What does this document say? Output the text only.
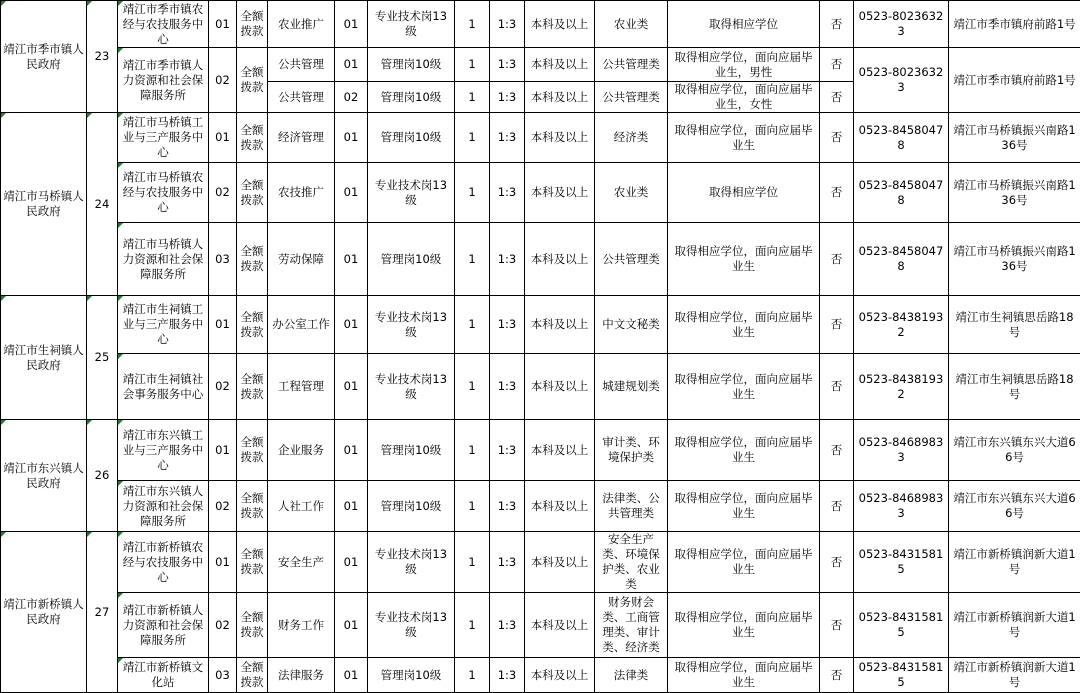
靖江市季市镇人民政府	23	靖江市季市镇农经与农技服务中心	01	全额拨款	农业推广	01	专业技术岗13级	1	1:3	本科及以上	农业类	取得相应学位	否	0523-80236323	靖江市季市镇府前路1号
		靖江市季市镇人力资源和社会保障服务所	02	全额拨款	公共管理	01	管理岗10级	1	1:3	本科及以上	公共管理类	取得相应学位，面向应届毕业生，男性	否	0523-80236323	靖江市季市镇府前路1号
					公共管理	02	管理岗10级	1	1:3	本科及以上	公共管理类	取得相应学位，面向应届毕业生，女性	否		
靖江市马桥镇人民政府	24	靖江市马桥镇工业与三产服务中心	01	全额拨款	经济管理	01	管理岗10级	1	1:3	本科及以上	经济类	取得相应学位，面向应届毕业生	否	0523-84580478	靖江市马桥镇振兴南路136号
		靖江市马桥镇农经与农技服务中心	02	全额拨款	农技推广	01	专业技术岗13级	1	1:3	本科及以上	农业类	取得相应学位	否	0523-84580478	靖江市马桥镇振兴南路136号
		靖江市马桥镇人力资源和社会保障服务所	03	全额拨款	劳动保障	01	管理岗10级	1	1:3	本科及以上	公共管理类	取得相应学位，面向应届毕业生	否	0523-84580478	靖江市马桥镇振兴南路136号
靖江市生祠镇人民政府	25	靖江市生祠镇工业与三产服务中心	01	全额拨款	办公室工作	01	专业技术岗13级	1	1:3	本科及以上	中文文秘类	取得相应学位，面向应届毕业生	否	0523-84381932	靖江市生祠镇思岳路18号
		靖江市生祠镇社会事务服务中心	02	全额拨款	工程管理	01	专业技术岗13级	1	1:3	本科及以上	城建规划类	取得相应学位，面向应届毕业生	否	0523-84381932	靖江市生祠镇思岳路18号
靖江市东兴镇人民政府	26	靖江市东兴镇工业与三产服务中心	01	全额拨款	企业服务	01	管理岗10级	1	1:3	本科及以上	审计类、环境保护类	取得相应学位，面向应届毕业生	否	0523-84689833	靖江市东兴镇东兴大道66号
		靖江市东兴镇人力资源和社会保障服务所	02	全额拨款	人社工作	01	管理岗10级	1	1:3	本科及以上	法律类、公共管理类	取得相应学位，面向应届毕业生	否	0523-84689833	靖江市东兴镇东兴大道66号
靖江市新桥镇人民政府	27	靖江市新桥镇农经与农技服务中心	01	全额拨款	安全生产	01	专业技术岗13级	1	1:3	本科及以上	安全生产类、环境保护类、农业类	取得相应学位，面向应届毕业生	否	0523-84315815	靖江市新桥镇润新大道1号
		靖江市新桥镇人力资源和社会保障服务所	02	全额拨款	财务工作	01	专业技术岗13级	1	1:3	本科及以上	财务财会类、工商管理类、审计类、经济类	取得相应学位，面向应届毕业生	否	0523-84315815	靖江市新桥镇润新大道1号
		靖江市新桥镇文化站	03	全额拨款	法律服务	01	管理岗10级	1	1:3	本科及以上	法律类	取得相应学位，面向应届毕业生	否	0523-84315815	靖江市新桥镇润新大道1号
